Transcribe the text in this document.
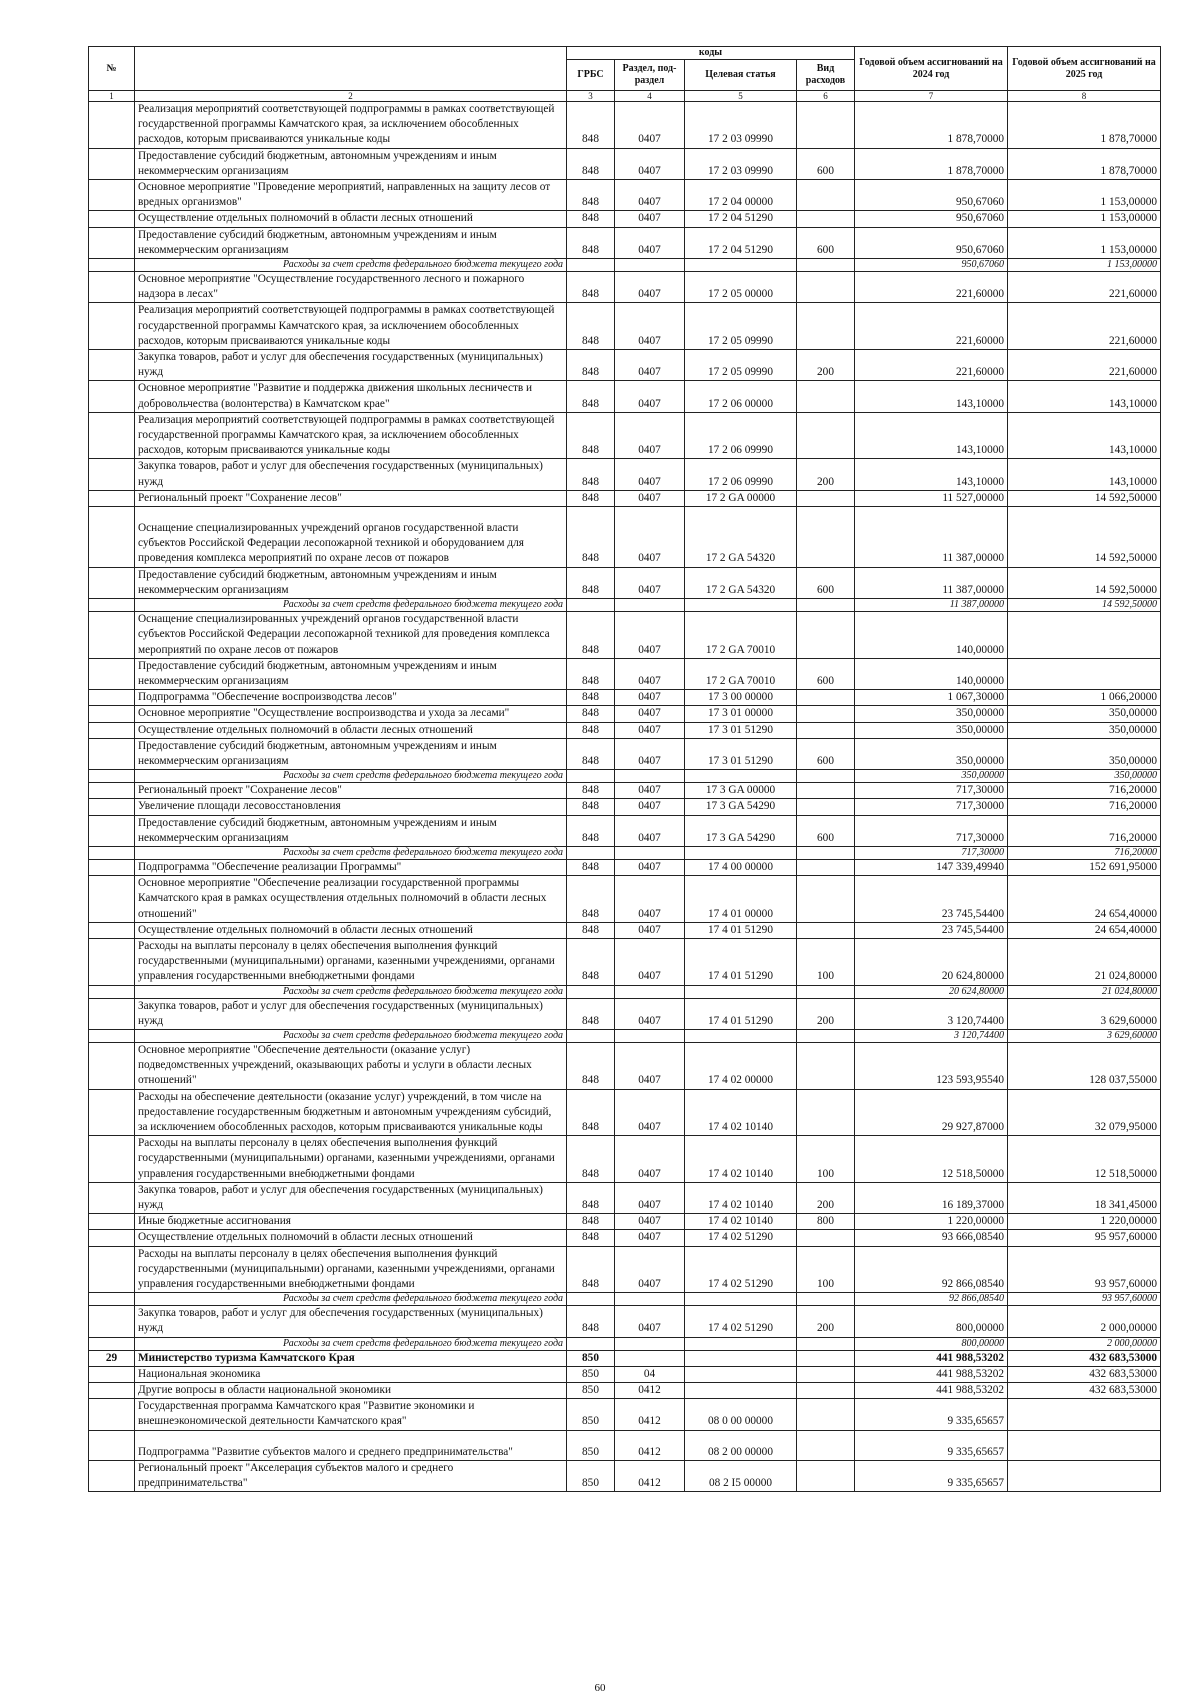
№		коды				Годовой объем ассигнований на 2024 год	Годовой объем ассигнований на 2025 год
		ГРБС	Раздел, под-раздел	Целевая статья	Вид расходов		
1	2	3	4	5	6	7	8
	Реализация мероприятий соответствующей подпрограммы в рамках соответствующей государственной программы Камчатского края, за исключением обособленных расходов, которым присваиваются уникальные коды	848	0407	17 2 03 09990		1 878,70000	1 878,70000
	Предоставление субсидий бюджетным, автономным учреждениям и иным некоммерческим организациям	848	0407	17 2 03 09990	600	1 878,70000	1 878,70000
	Основное мероприятие "Проведение мероприятий, направленных на защиту лесов от вредных организмов"	848	0407	17 2 04 00000		950,67060	1 153,00000
	Осуществление отдельных полномочий в области лесных отношений	848	0407	17 2 04 51290		950,67060	1 153,00000
	Предоставление субсидий бюджетным, автономным учреждениям и иным некоммерческим организациям	848	0407	17 2 04 51290	600	950,67060	1 153,00000
	Расходы за счет средств федерального бюджета текущего года					950,67060	1 153,00000
	Основное мероприятие "Осуществление государственного лесного и пожарного надзора в лесах"	848	0407	17 2 05 00000		221,60000	221,60000
	Реализация мероприятий соответствующей подпрограммы в рамках соответствующей государственной программы Камчатского края, за исключением обособленных расходов, которым присваиваются уникальные коды	848	0407	17 2 05 09990		221,60000	221,60000
	Закупка товаров, работ и услуг для обеспечения государственных (муниципальных) нужд	848	0407	17 2 05 09990	200	221,60000	221,60000
	Основное мероприятие "Развитие и поддержка движения школьных лесничеств и добровольчества (волонтерства) в Камчатском крае"	848	0407	17 2 06 00000		143,10000	143,10000
	Реализация мероприятий соответствующей подпрограммы в рамках соответствующей государственной программы Камчатского края, за исключением обособленных расходов, которым присваиваются уникальные коды	848	0407	17 2 06 09990		143,10000	143,10000
	Закупка товаров, работ и услуг для обеспечения государственных (муниципальных) нужд	848	0407	17 2 06 09990	200	143,10000	143,10000
	Региональный проект "Сохранение лесов"	848	0407	17 2 GA 00000		11 527,00000	14 592,50000
	Оснащение специализированных учреждений органов государственной власти субъектов Российской Федерации лесопожарной техникой и оборудованием для проведения комплекса мероприятий по охране лесов от пожаров	848	0407	17 2 GA 54320		11 387,00000	14 592,50000
	Предоставление субсидий бюджетным, автономным учреждениям и иным некоммерческим организациям	848	0407	17 2 GA 54320	600	11 387,00000	14 592,50000
	Расходы за счет средств федерального бюджета текущего года					11 387,00000	14 592,50000
	Оснащение специализированных учреждений органов государственной власти субъектов Российской Федерации лесопожарной техникой для проведения комплекса мероприятий по охране лесов от пожаров	848	0407	17 2 GA 70010		140,00000	
	Предоставление субсидий бюджетным, автономным учреждениям и иным некоммерческим организациям	848	0407	17 2 GA 70010	600	140,00000	
	Подпрограмма "Обеспечение воспроизводства лесов"	848	0407	17 3 00 00000		1 067,30000	1 066,20000
	Основное мероприятие "Осуществление воспроизводства и ухода за лесами"	848	0407	17 3 01 00000		350,00000	350,00000
	Осуществление отдельных полномочий в области лесных отношений	848	0407	17 3 01 51290		350,00000	350,00000
	Предоставление субсидий бюджетным, автономным учреждениям и иным некоммерческим организациям	848	0407	17 3 01 51290	600	350,00000	350,00000
	Расходы за счет средств федерального бюджета текущего года					350,00000	350,00000
	Региональный проект "Сохранение лесов"	848	0407	17 3 GA 00000		717,30000	716,20000
	Увеличение площади лесовосстановления	848	0407	17 3 GA 54290		717,30000	716,20000
	Предоставление субсидий бюджетным, автономным учреждениям и иным некоммерческим организациям	848	0407	17 3 GA 54290	600	717,30000	716,20000
	Расходы за счет средств федерального бюджета текущего года					717,30000	716,20000
	Подпрограмма "Обеспечение реализации Программы"	848	0407	17 4 00 00000		147 339,49940	152 691,95000
	Основное мероприятие "Обеспечение реализации государственной программы Камчатского края в рамках осуществления отдельных полномочий в области лесных отношений"	848	0407	17 4 01 00000		23 745,54400	24 654,40000
	Осуществление отдельных полномочий в области лесных отношений	848	0407	17 4 01 51290		23 745,54400	24 654,40000
	Расходы на выплаты персоналу в целях обеспечения выполнения функций государственными (муниципальными) органами, казенными учреждениями, органами управления государственными внебюджетными фондами	848	0407	17 4 01 51290	100	20 624,80000	21 024,80000
	Расходы за счет средств федерального бюджета текущего года					20 624,80000	21 024,80000
	Закупка товаров, работ и услуг для обеспечения государственных (муниципальных) нужд	848	0407	17 4 01 51290	200	3 120,74400	3 629,60000
	Расходы за счет средств федерального бюджета текущего года					3 120,74400	3 629,60000
	Основное мероприятие "Обеспечение деятельности (оказание услуг) подведомственных учреждений, оказывающих работы и услуги в области лесных отношений"	848	0407	17 4 02 00000		123 593,95540	128 037,55000
	Расходы на обеспечение деятельности (оказание услуг) учреждений, в том числе на предоставление государственным бюджетным и автономным учреждениям субсидий, за исключением обособленных расходов, которым присваиваются уникальные коды	848	0407	17 4 02 10140		29 927,87000	32 079,95000
	Расходы на выплаты персоналу в целях обеспечения выполнения функций государственными (муниципальными) органами, казенными учреждениями, органами управления государственными внебюджетными фондами	848	0407	17 4 02 10140	100	12 518,50000	12 518,50000
	Закупка товаров, работ и услуг для обеспечения государственных (муниципальных) нужд	848	0407	17 4 02 10140	200	16 189,37000	18 341,45000
	Иные бюджетные ассигнования	848	0407	17 4 02 10140	800	1 220,00000	1 220,00000
	Осуществление отдельных полномочий в области лесных отношений	848	0407	17 4 02 51290		93 666,08540	95 957,60000
	Расходы на выплаты персоналу в целях обеспечения выполнения функций государственными (муниципальными) органами, казенными учреждениями, органами управления государственными внебюджетными фондами	848	0407	17 4 02 51290	100	92 866,08540	93 957,60000
	Расходы за счет средств федерального бюджета текущего года					92 866,08540	93 957,60000
	Закупка товаров, работ и услуг для обеспечения государственных (муниципальных) нужд	848	0407	17 4 02 51290	200	800,00000	2 000,00000
	Расходы за счет средств федерального бюджета текущего года					800,00000	2 000,00000
29	Министерство туризма Камчатского Края	850				441 988,53202	432 683,53000
	Национальная экономика	850	04			441 988,53202	432 683,53000
	Другие вопросы в области национальной экономики	850	0412			441 988,53202	432 683,53000
	Государственная программа Камчатского края "Развитие экономики и внешнеэкономической деятельности Камчатского края"	850	0412	08 0 00 00000		9 335,65657	
	Подпрограмма "Развитие субъектов малого и среднего предпринимательства"	850	0412	08 2 00 00000		9 335,65657	
	Региональный проект "Акселерация субъектов малого и среднего предпринимательства"	850	0412	08 2 I5 00000		9 335,65657	
60
